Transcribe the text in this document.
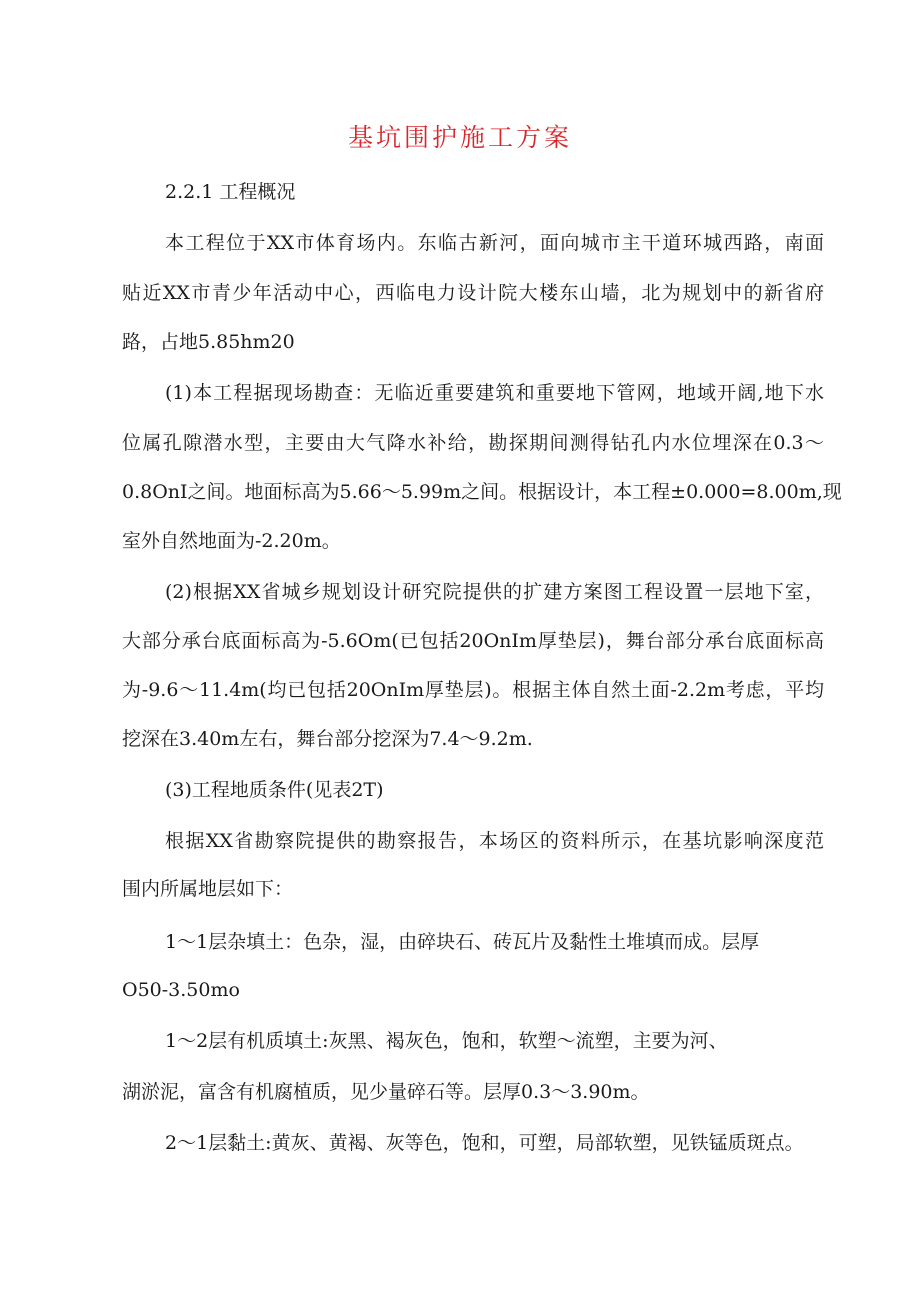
基坑围护施工方案
2.2.1 工程概况
本工程位于XX市体育场内。东临古新河，面向城市主干道环城西路，南面
贴近XX市青少年活动中心，西临电力设计院大楼东山墙，北为规划中的新省府
路，占地5.85hm20
(1)本工程据现场勘查：无临近重要建筑和重要地下管网，地域开阔,地下水
位属孔隙潜水型，主要由大气降水补给，勘探期间测得钻孔内水位埋深在0.3～
0.8OnI之间。地面标高为5.66～5.99m之间。根据设计，本工程±0.000=8.00m,现
室外自然地面为-2.20m。
(2)根据XX省城乡规划设计研究院提供的扩建方案图工程设置一层地下室，
大部分承台底面标高为-5.6Om(已包括20OnIm厚垫层)，舞台部分承台底面标高
为-9.6～11.4m(均已包括20OnIm厚垫层)。根据主体自然土面-2.2m考虑，平均
挖深在3.40m左右，舞台部分挖深为7.4～9.2m.
(3)工程地质条件(见表2T)
根据XX省勘察院提供的勘察报告，本场区的资料所示，在基坑影响深度范
围内所属地层如下：
1～1层杂填土：色杂，湿，由碎块石、砖瓦片及黏性土堆填而成。层厚
O50-3.50mo
1～2层有机质填土:灰黑、褐灰色，饱和，软塑～流塑，主要为河、
湖淤泥，富含有机腐植质，见少量碎石等。层厚0.3～3.90m。
2～1层黏土:黄灰、黄褐、灰等色，饱和，可塑，局部软塑，见铁锰质斑点。
